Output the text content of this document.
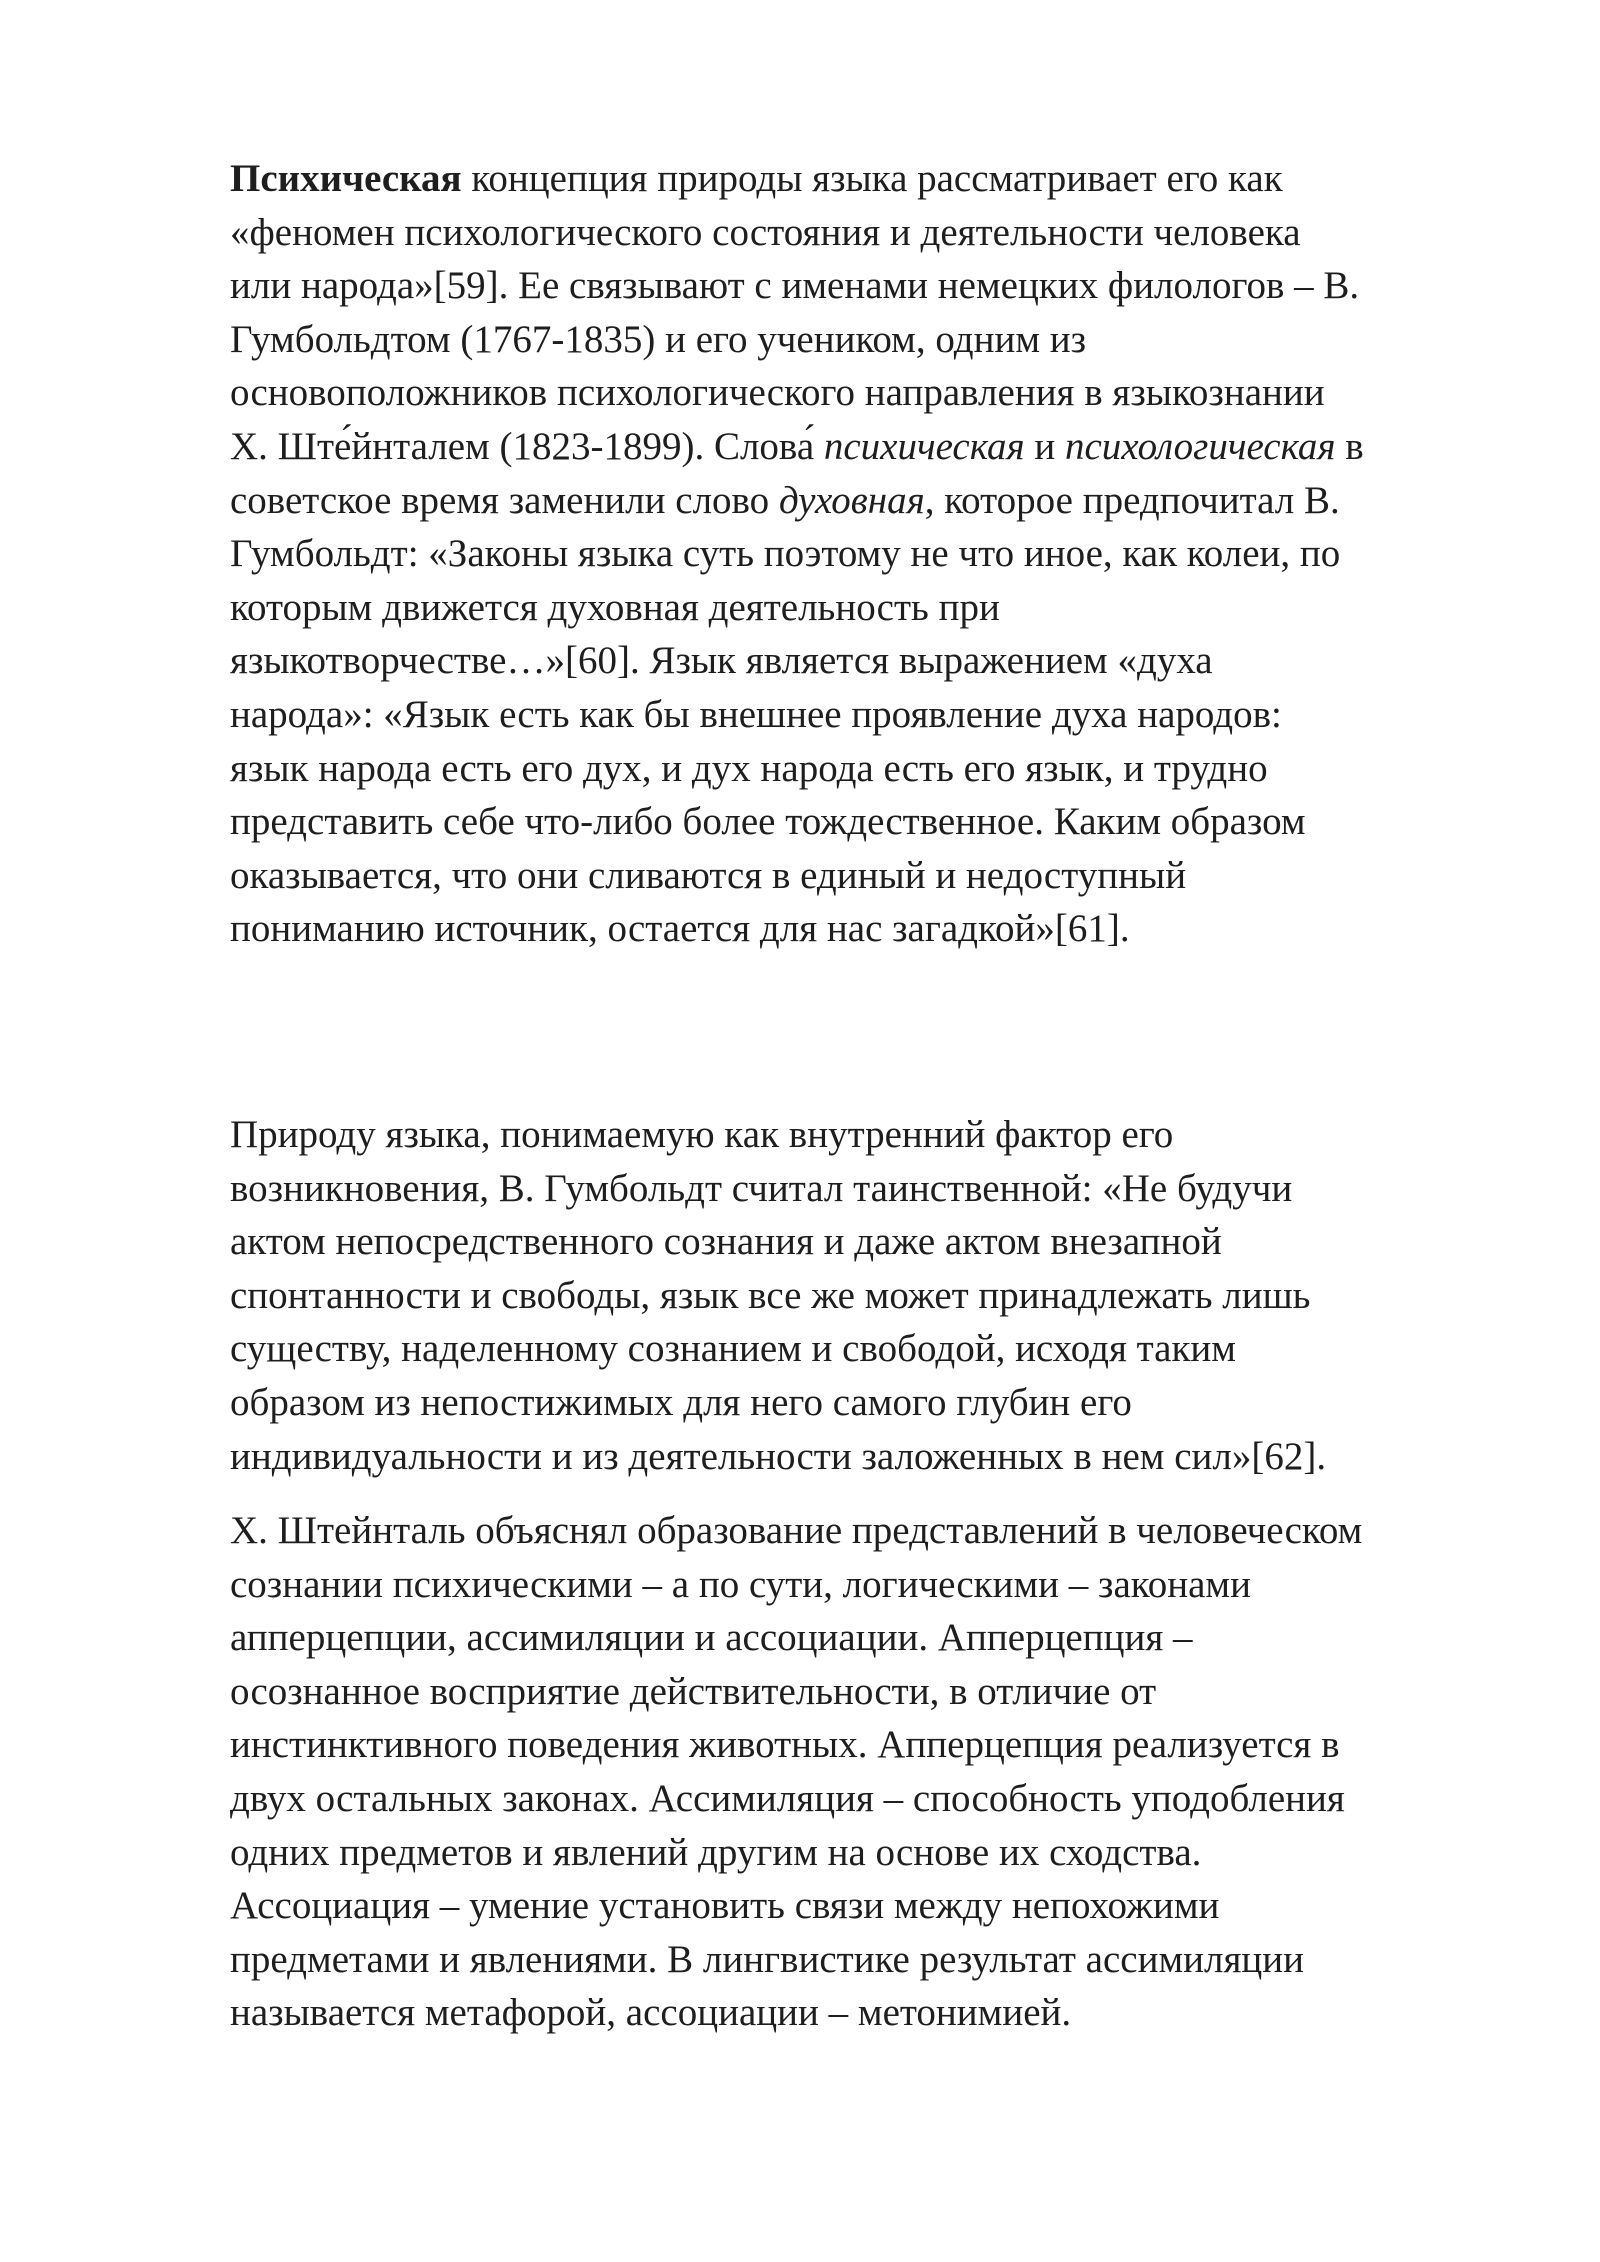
Психическая концепция природы языка рассматривает его как
«феномен психологического состояния и деятельности человека
или народа»[59]. Ее связывают с именами немецких филологов – В.
Гумбольдтом (1767-1835) и его учеником, одним из
основоположников психологического направления в языкознании
Х. Ште́йнталем (1823-1899). Слова́ психическая и психологическая в
советское время заменили слово духовная, которое предпочитал В.
Гумбольдт: «Законы языка суть поэтому не что иное, как колеи, по
которым движется духовная деятельность при
языкотворчестве…»[60]. Язык является выражением «духа
народа»: «Язык есть как бы внешнее проявление духа народов:
язык народа есть его дух, и дух народа есть его язык, и трудно
представить себе что-либо более тождественное. Каким образом
оказывается, что они сливаются в единый и недоступный
пониманию источник, остается для нас загадкой»[61].
Природу языка, понимаемую как внутренний фактор его
возникновения, В. Гумбольдт считал таинственной: «Не будучи
актом непосредственного сознания и даже актом внезапной
спонтанности и свободы, язык все же может принадлежать лишь
существу, наделенному сознанием и свободой, исходя таким
образом из непостижимых для него самого глубин его
индивидуальности и из деятельности заложенных в нем сил»[62].
Х. Штейнталь объяснял образование представлений в человеческом
сознании психическими – а по сути, логическими – законами
апперцепции, ассимиляции и ассоциации. Апперцепция –
осознанное восприятие действительности, в отличие от
инстинктивного поведения животных. Апперцепция реализуется в
двух остальных законах. Ассимиляция – способность уподобления
одних предметов и явлений другим на основе их сходства.
Ассоциация – умение установить связи между непохожими
предметами и явлениями. В лингвистике результат ассимиляции
называется метафорой, ассоциации – метонимией.
